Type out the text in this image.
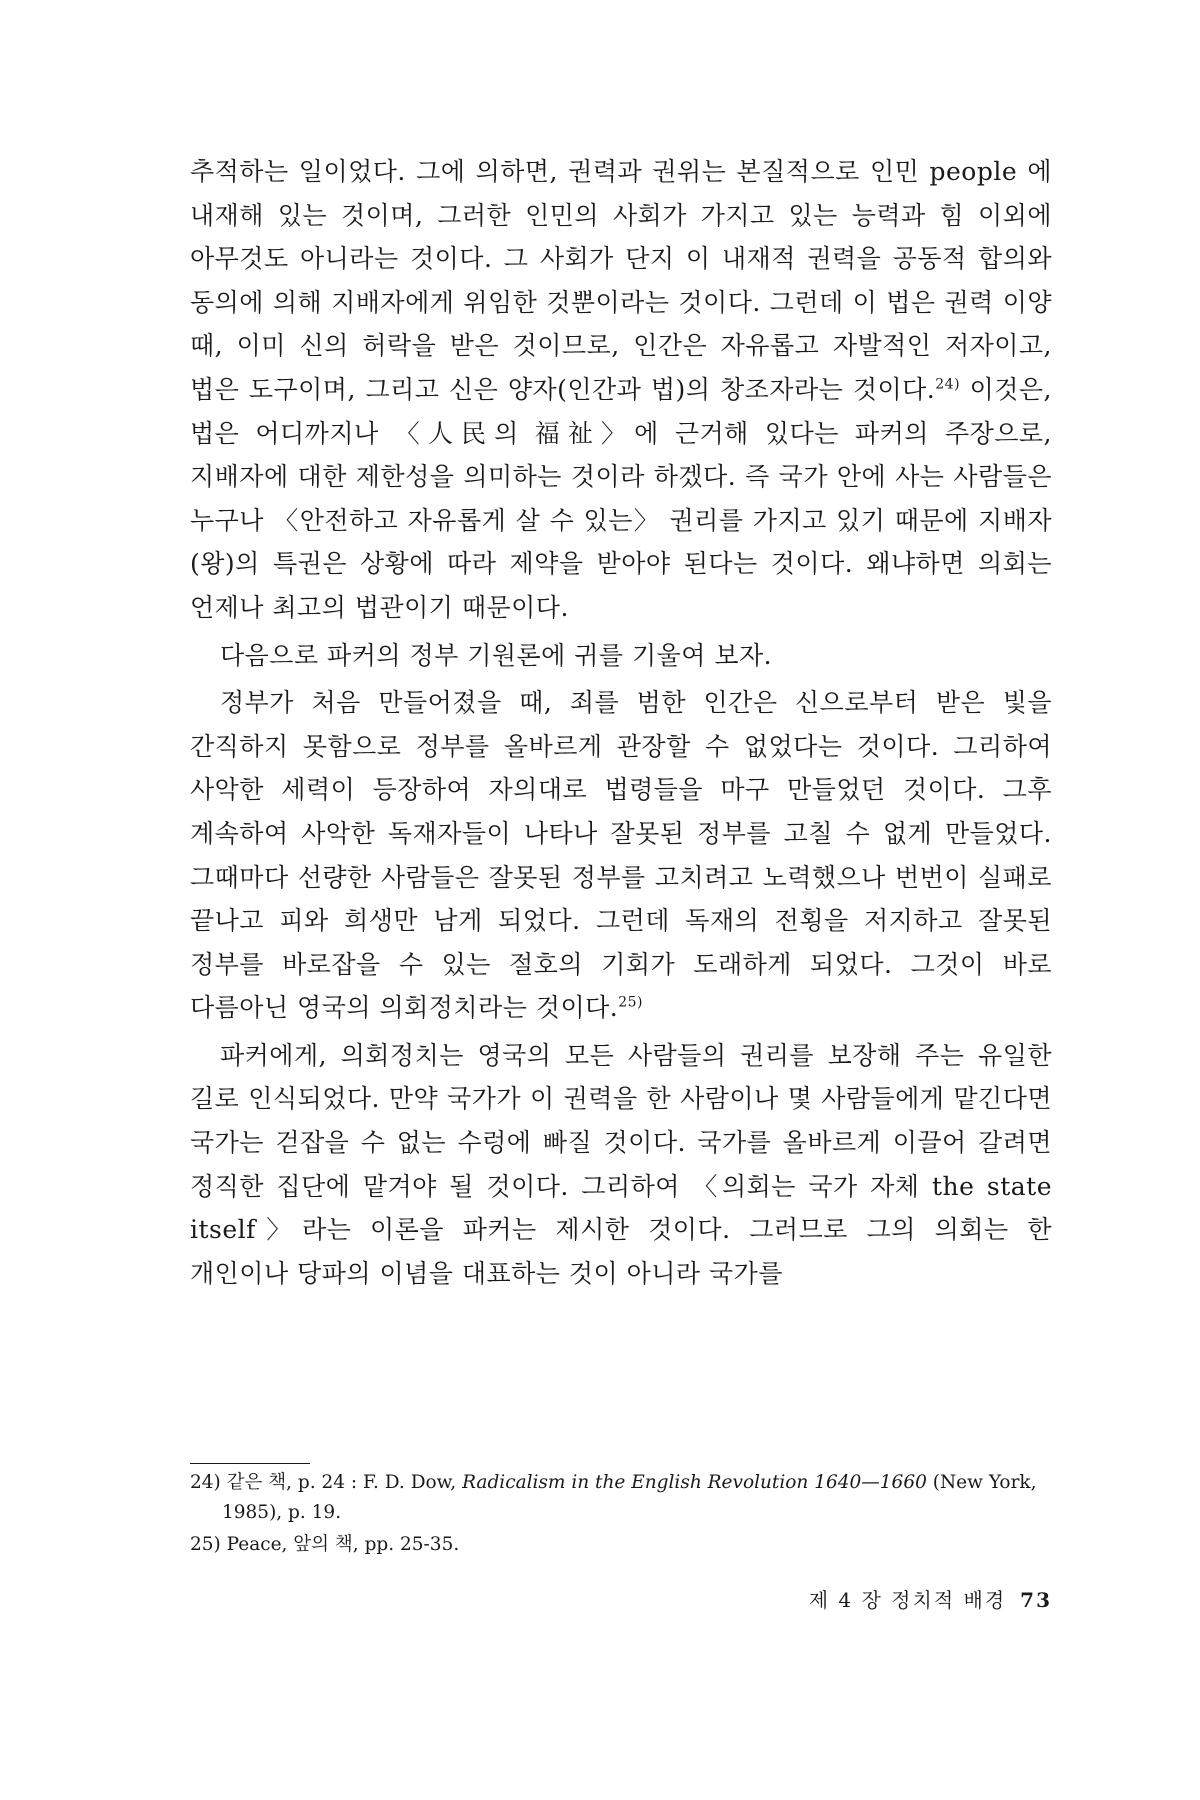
추적하는 일이었다. 그에 의하면, 권력과 권위는 본질적으로 인민 people 에 내재해 있는 것이며, 그러한 인민의 사회가 가지고 있는 능력과 힘 이외에 아무것도 아니라는 것이다. 그 사회가 단지 이 내재적 권력을 공동적 합의와 동의에 의해 지배자에게 위임한 것뿐이라는 것이다. 그런데 이 법은 권력 이양 때, 이미 신의 허락을 받은 것이므로, 인간은 자유롭고 자발적인 저자이고, 법은 도구이며, 그리고 신은 양자(인간과 법)의 창조자라는 것이다.$^{24)}$ 이것은, 법은 어디까지나 〈人民의 福祉〉에 근거해 있다는 파커의 주장으로, 지배자에 대한 제한성을 의미하는 것이라 하겠다. 즉 국가 안에 사는 사람들은 누구나 〈안전하고 자유롭게 살 수 있는〉 권리를 가지고 있기 때문에 지배자(왕)의 특권은 상황에 따라 제약을 받아야 된다는 것이다. 왜냐하면 의회는 언제나 최고의 법관이기 때문이다.

다음으로 파커의 정부 기원론에 귀를 기울여 보자.

정부가 처음 만들어졌을 때, 죄를 범한 인간은 신으로부터 받은 빛을 간직하지 못함으로 정부를 올바르게 관장할 수 없었다는 것이다. 그리하여 사악한 세력이 등장하여 자의대로 법령들을 마구 만들었던 것이다. 그후 계속하여 사악한 독재자들이 나타나 잘못된 정부를 고칠 수 없게 만들었다. 그때마다 선량한 사람들은 잘못된 정부를 고치려고 노력했으나 번번이 실패로 끝나고 피와 희생만 남게 되었다. 그런데 독재의 전횡을 저지하고 잘못된 정부를 바로잡을 수 있는 절호의 기회가 도래하게 되었다. 그것이 바로 다름아닌 영국의 의회정치라는 것이다.$^{25)}$

파커에게, 의회정치는 영국의 모든 사람들의 권리를 보장해 주는 유일한 길로 인식되었다. 만약 국가가 이 권력을 한 사람이나 몇 사람들에게 맡긴다면 국가는 걷잡을 수 없는 수렁에 빠질 것이다. 국가를 올바르게 이끌어 갈려면 정직한 집단에 맡겨야 될 것이다. 그리하여 〈의회는 국가 자체 the state itself〉라는 이론을 파커는 제시한 것이다. 그러므로 그의 의회는 한 개인이나 당파의 이념을 대표하는 것이 아니라 국가를

24) 같은 책, p. 24 : F. D. Dow, Radicalism in the English Revolution 1640—1660 (New York, 1985), p. 19.

25) Peace, 앞의 책, pp. 25-35.

제 4 장 정치적 배경 73
